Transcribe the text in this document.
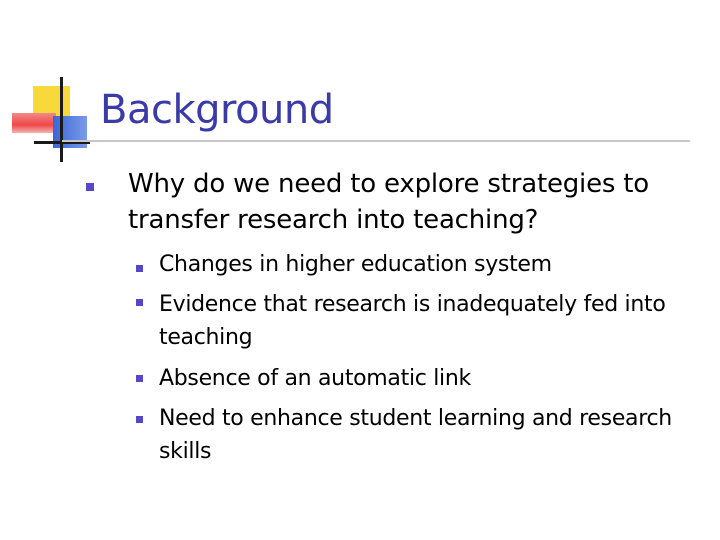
Background
Why do we need to explore strategies to transfer research into teaching?
Changes in higher education system
Evidence that research is inadequately fed into teaching
Absence of an automatic link
Need to enhance student learning and research skills
